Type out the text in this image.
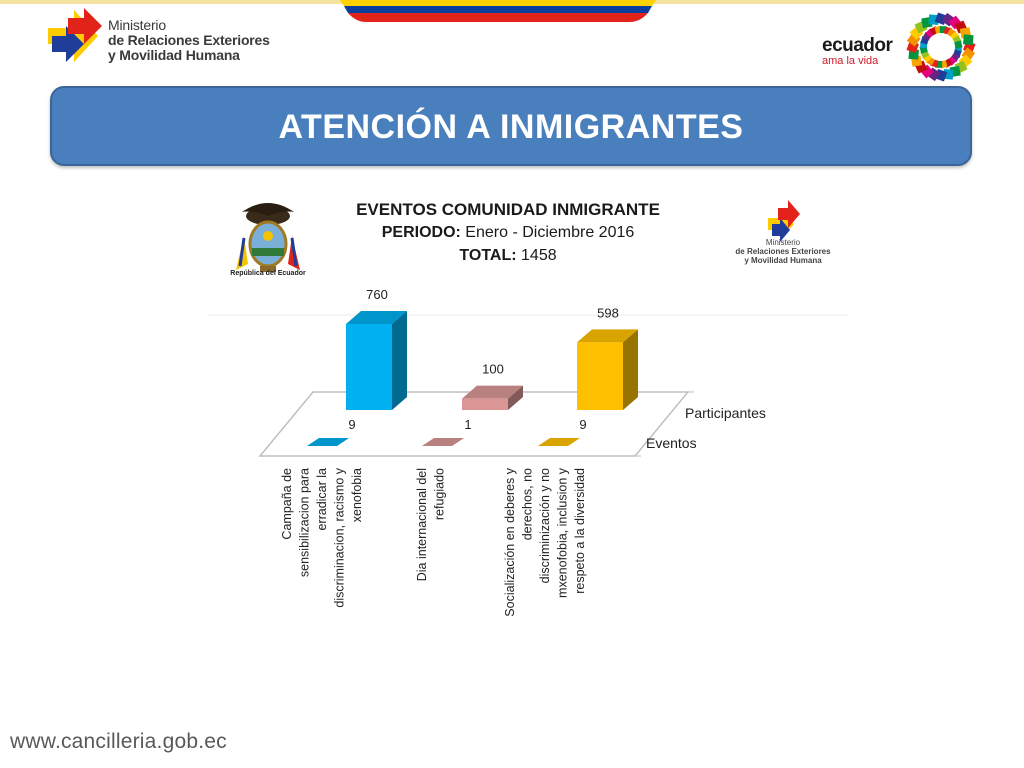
Ministerio
de Relaciones Exteriores
y Movilidad Humana	ecuador
ama la vida
ATENCIÓN A INMIGRANTES
República del Ecuador
EVENTOS COMUNIDAD INMIGRANTE
PERIODO: Enero - Diciembre 2016
TOTAL: 1458
Ministerio
de Relaciones Exteriores
y Movilidad Humana
760
100
598
9	1	9
Participantes
Eventos
Campaña de sensibilizacion para erradicar la discriminacion, racismo y xenofobia	Dia internacional del refugiado	Socialización en deberes y derechos, no discriminización y no mxenofobia, inclusion y respeto a la diversidad
www.cancilleria.gob.ec
